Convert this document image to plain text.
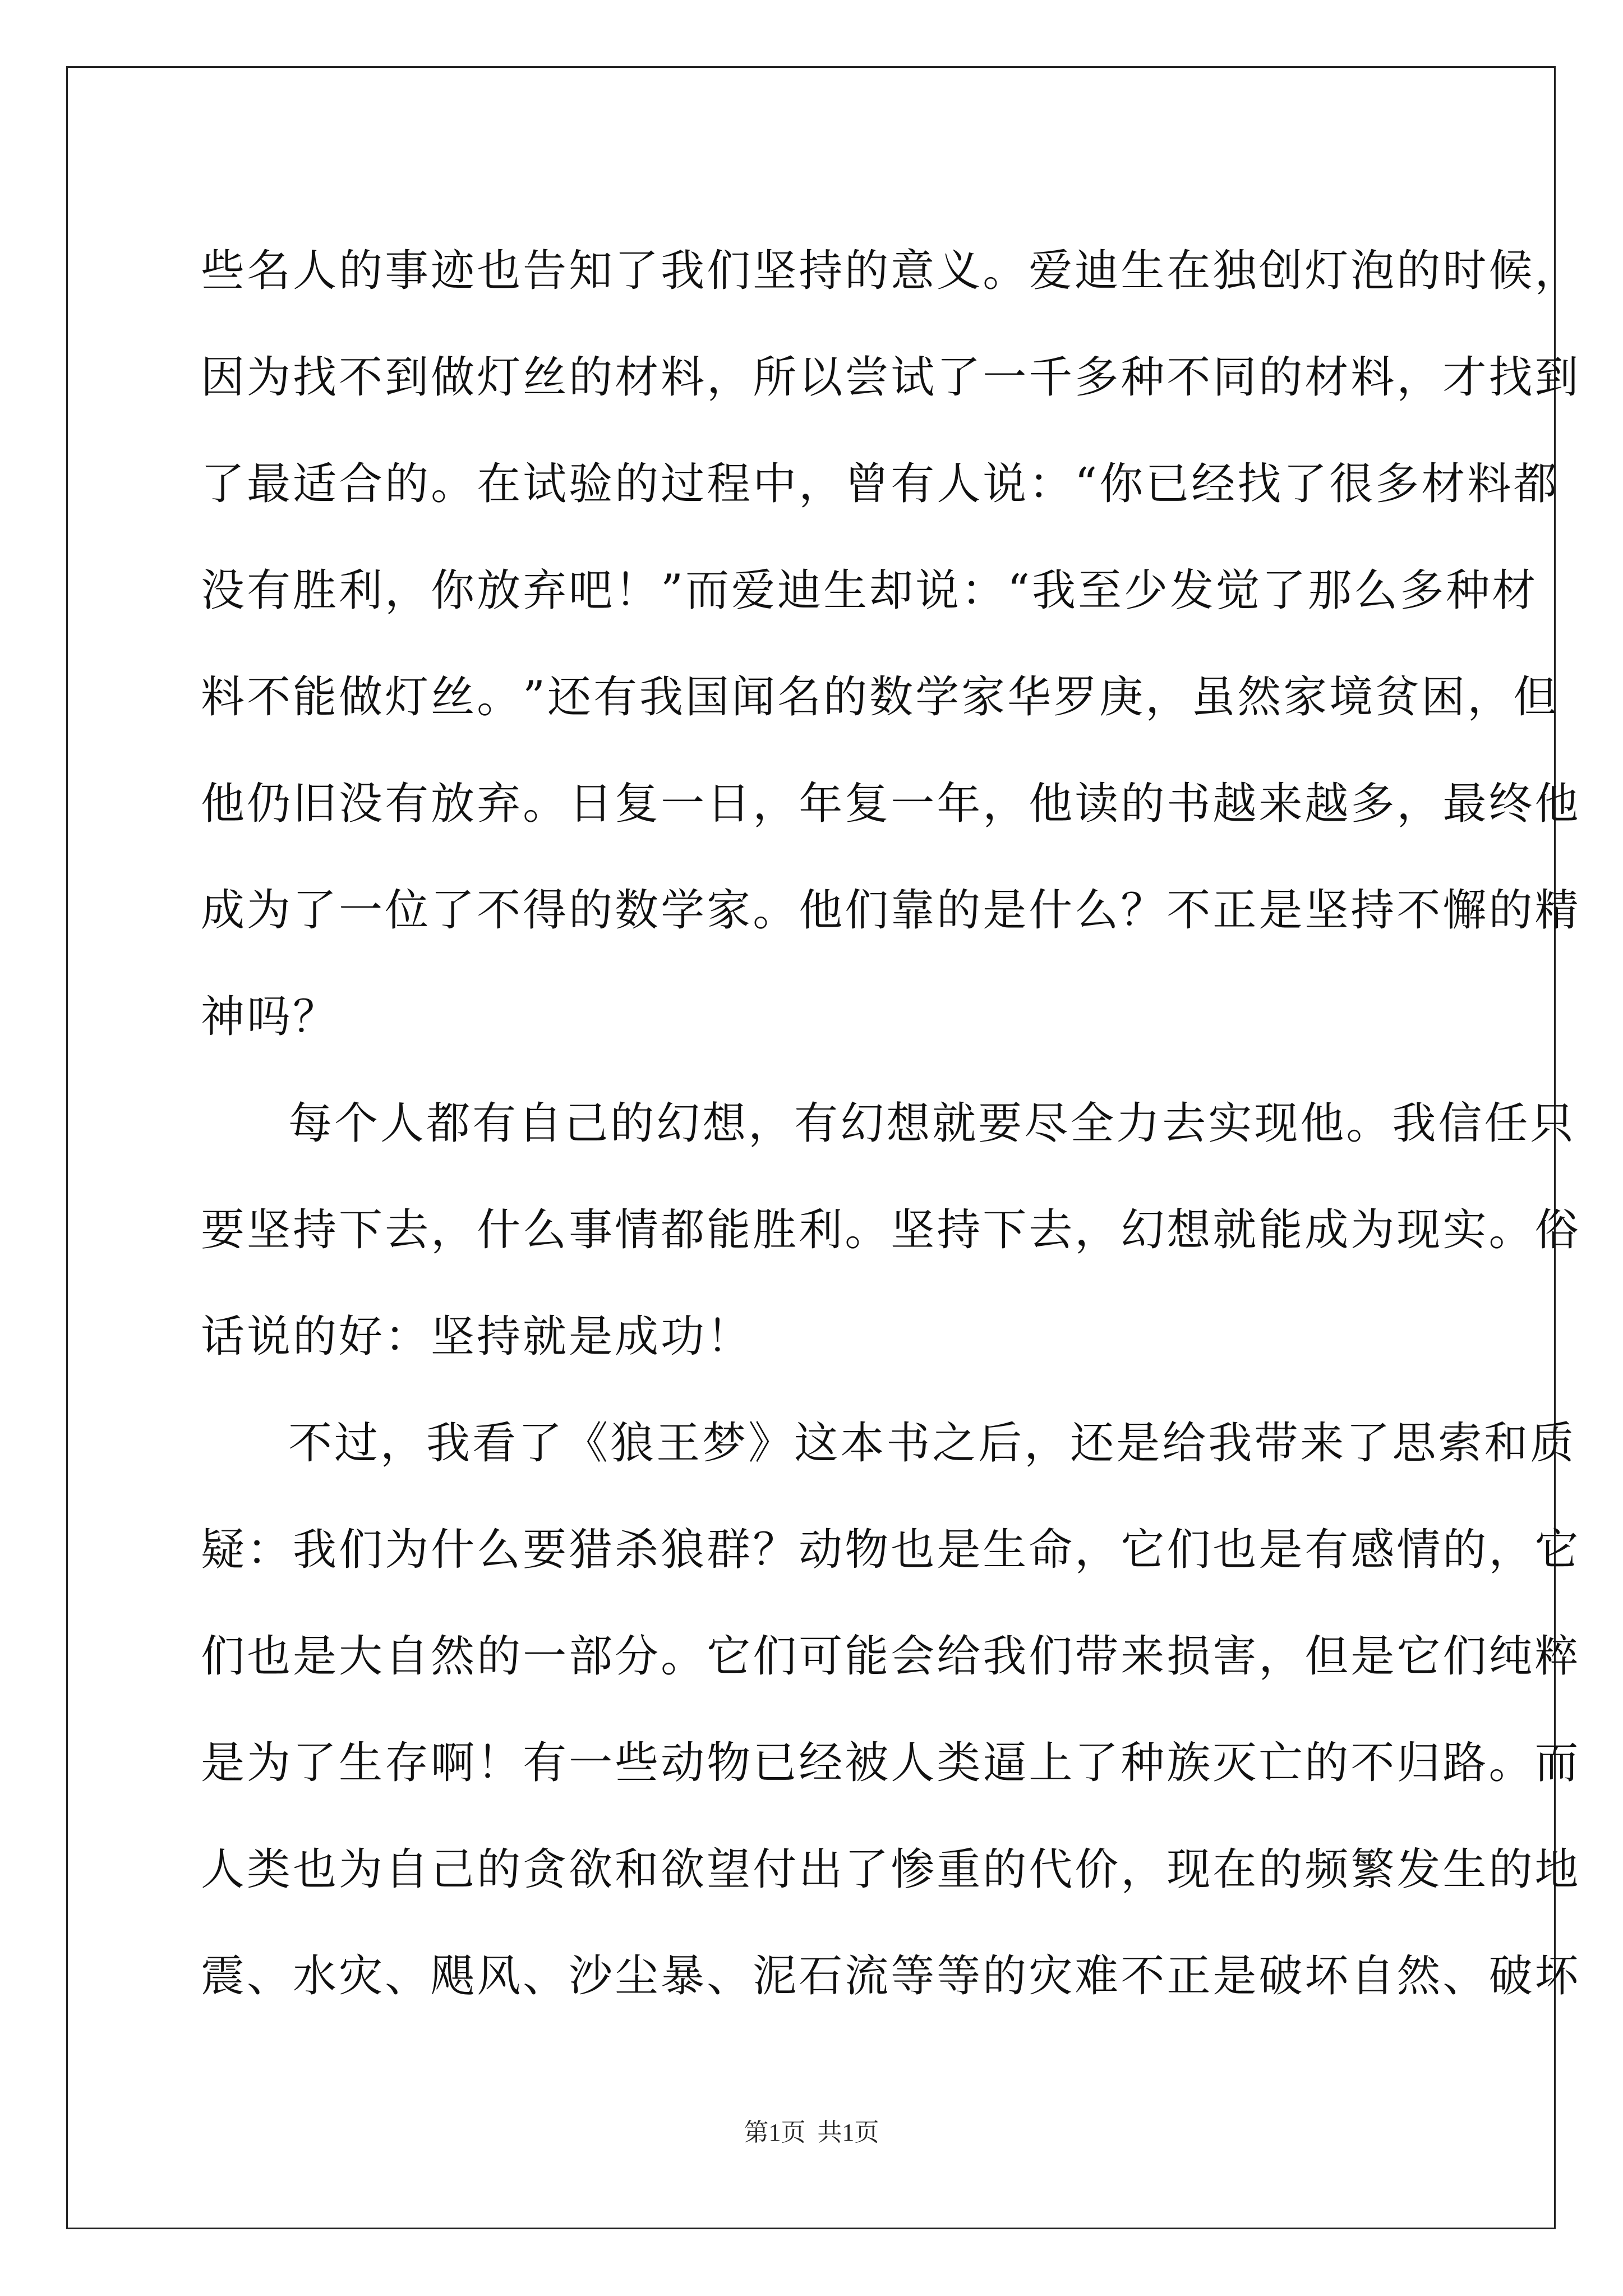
些 名 人 的 事 迹 也 告 知 了 我 们 坚 持 的 意 义 。 爱 迪 生 在 独 创 灯 泡 的 时 候 ，
因 为 找 不 到 做 灯 丝 的 材 料 ， 所 以 尝 试 了 一 千 多 种 不 同 的 材 料 ， 才 找 到
了 最 适 合 的 。 在 试 验 的 过 程 中 ， 曾 有 人 说 ： “ 你 已 经 找 了 很 多 材 料 都
没 有 胜 利 ， 你 放 弃 吧 ！ ” 而 爱 迪 生 却 说 ： “ 我 至 少 发 觉 了 那 么 多 种 材
料 不 能 做 灯 丝 。 ” 还 有 我 国 闻 名 的 数 学 家 华 罗 庚 ， 虽 然 家 境 贫 困 ， 但
他 仍 旧 没 有 放 弃 。 日 复 一 日 ， 年 复 一 年 ， 他 读 的 书 越 来 越 多 ， 最 终 他
成 为 了 一 位 了 不 得 的 数 学 家 。 他 们 靠 的 是 什 么 ？ 不 正 是 坚 持 不 懈 的 精
神吗？
每 个 人 都 有 自 己 的 幻 想 ， 有 幻 想 就 要 尽 全 力 去 实 现 他 。 我 信 任 只
要 坚 持 下 去 ， 什 么 事 情 都 能 胜 利 。 坚 持 下 去 ， 幻 想 就 能 成 为 现 实 。 俗
话说的好：坚持就是成功！
不 过 ， 我 看 了 《 狼 王 梦 》 这 本 书 之 后 ， 还 是 给 我 带 来 了 思 索 和 质
疑 ： 我 们 为 什 么 要 猎 杀 狼 群 ？ 动 物 也 是 生 命 ， 它 们 也 是 有 感 情 的 ， 它
们 也 是 大 自 然 的 一 部 分 。 它 们 可 能 会 给 我 们 带 来 损 害 ， 但 是 它 们 纯 粹
是 为 了 生 存 啊 ！ 有 一 些 动 物 已 经 被 人 类 逼 上 了 种 族 灭 亡 的 不 归 路 。 而
人 类 也 为 自 己 的 贪 欲 和 欲 望 付 出 了 惨 重 的 代 价 ， 现 在 的 频 繁 发 生 的 地
震 、 水 灾 、 飓 风 、 沙 尘 暴 、 泥 石 流 等 等 的 灾 难 不 正 是 破 坏 自 然 、 破 坏
第1页 共1页
